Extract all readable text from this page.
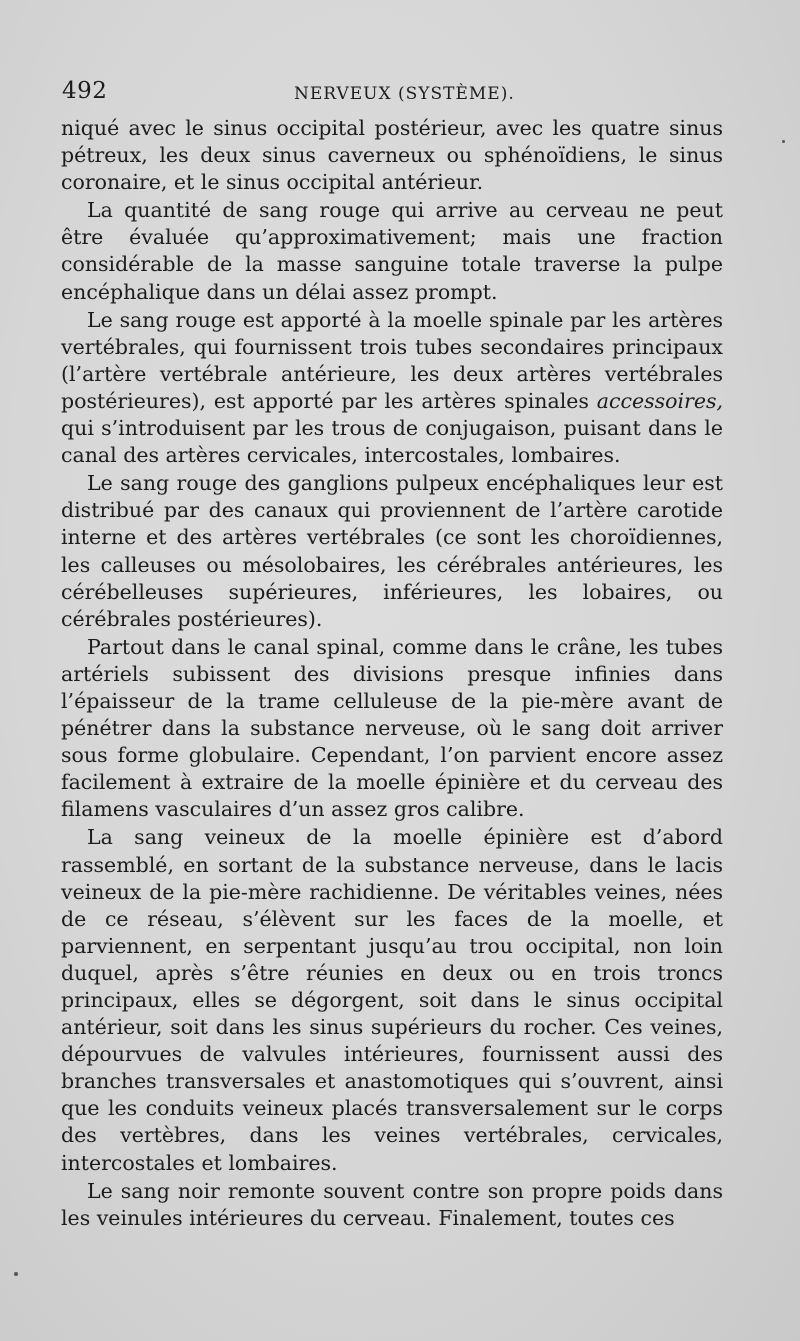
492	NERVEUX (SYSTÈME).

niqué avec le sinus occipital postérieur, avec les quatre sinus pétreux, les deux sinus caverneux ou sphénoïdiens, le sinus coronaire, et le sinus occipital antérieur.

La quantité de sang rouge qui arrive au cerveau ne peut être évaluée qu’approximativement; mais une fraction considérable de la masse sanguine totale traverse la pulpe encéphalique dans un délai assez prompt.

Le sang rouge est apporté à la moelle spinale par les artères vertébrales, qui fournissent trois tubes secondaires principaux (l’artère vertébrale antérieure, les deux artères vertébrales postérieures), est apporté par les artères spinales accessoires, qui s’introduisent par les trous de conjugaison, puisant dans le canal des artères cervicales, intercostales, lombaires.

Le sang rouge des ganglions pulpeux encéphaliques leur est distribué par des canaux qui proviennent de l’artère carotide interne et des artères vertébrales (ce sont les choroïdiennes, les calleuses ou mésolobaires, les cérébrales antérieures, les cérébelleuses supérieures, inférieures, les lobaires, ou cérébrales postérieures).

Partout dans le canal spinal, comme dans le crâne, les tubes artériels subissent des divisions presque infinies dans l’épaisseur de la trame celluleuse de la pie-mère avant de pénétrer dans la substance nerveuse, où le sang doit arriver sous forme globulaire. Cependant, l’on parvient encore assez facilement à extraire de la moelle épinière et du cerveau des filamens vasculaires d’un assez gros calibre.

La sang veineux de la moelle épinière est d’abord rassemblé, en sortant de la substance nerveuse, dans le lacis veineux de la pie-mère rachidienne. De véritables veines, nées de ce réseau, s’élèvent sur les faces de la moelle, et parviennent, en serpentant jusqu’au trou occipital, non loin duquel, après s’être réunies en deux ou en trois troncs principaux, elles se dégorgent, soit dans le sinus occipital antérieur, soit dans les sinus supérieurs du rocher. Ces veines, dépourvues de valvules intérieures, fournissent aussi des branches transversales et anastomotiques qui s’ouvrent, ainsi que les conduits veineux placés transversalement sur le corps des vertèbres, dans les veines vertébrales, cervicales, intercostales et lombaires.

Le sang noir remonte souvent contre son propre poids dans les veinules intérieures du cerveau. Finalement, toutes ces
